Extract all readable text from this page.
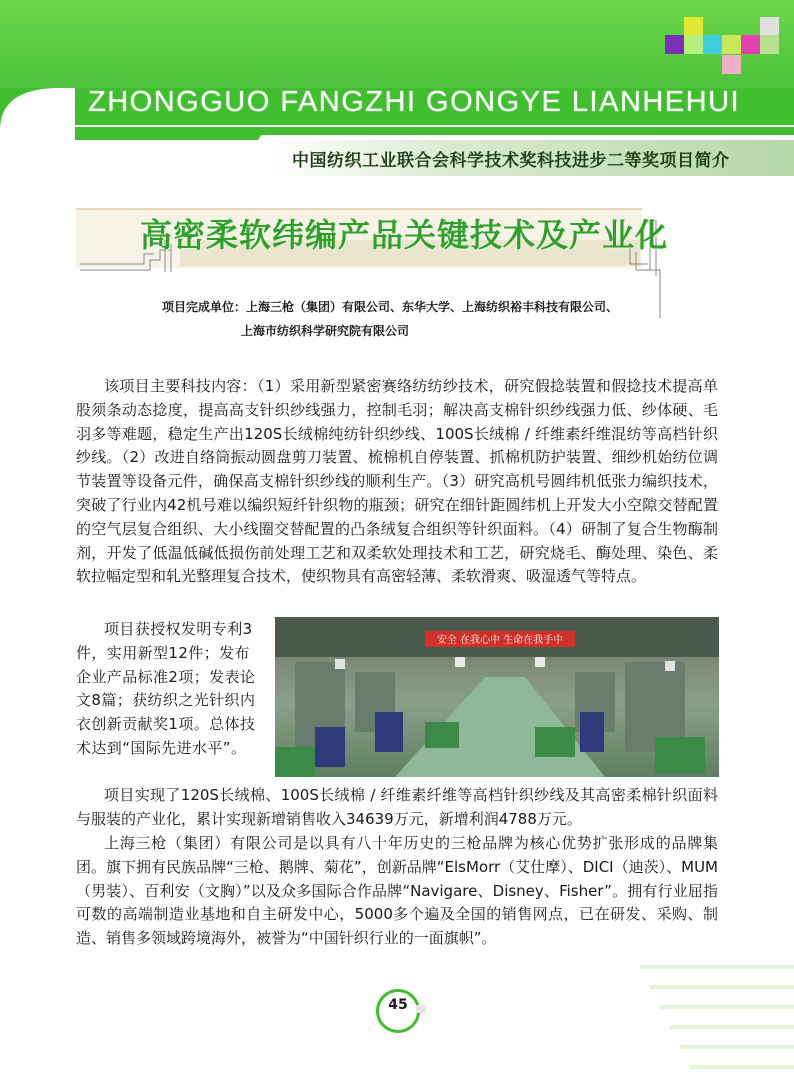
ZHONGGUO FANGZHI GONGYE LIANHEHUI
中国纺织工业联合会科学技术奖科技进步二等奖项目简介
高密柔软纬编产品关键技术及产业化
项目完成单位：上海三枪（集团）有限公司、东华大学、上海纺织裕丰科技有限公司、
上海市纺织科学研究院有限公司
该项目主要科技内容：（1）采用新型紧密赛络纺纺纱技术，研究假捻装置和假捻技术提高单股须条动态捻度，提高高支针织纱线强力，控制毛羽；解决高支棉针织纱线强力低、纱体硬、毛羽多等难题，稳定生产出120S长绒棉纯纺针织纱线、100S长绒棉 / 纤维素纤维混纺等高档针织纱线。（2）改进自络筒振动圆盘剪刀装置、梳棉机自停装置、抓棉机防护装置、细纱机始纺位调节装置等设备元件，确保高支棉针织纱线的顺利生产。（3）研究高机号圆纬机低张力编织技术，突破了行业内42机号难以编织短纤针织物的瓶颈；研究在细针距圆纬机上开发大小空隙交替配置的空气层复合组织、大小线圈交替配置的凸条绒复合组织等针织面料。（4）研制了复合生物酶制剂，开发了低温低碱低损伤前处理工艺和双柔软处理技术和工艺，研究烧毛、酶处理、染色、柔软拉幅定型和轧光整理复合技术，使织物具有高密轻薄、柔软滑爽、吸湿透气等特点。
项目获授权发明专利3件，实用新型12件；发布企业产品标准2项；发表论文8篇；获纺织之光针织内衣创新贡献奖1项。总体技术达到“国际先进水平”。
安全 在我心中 生命在我手中
项目实现了120S长绒棉、100S长绒棉 / 纤维素纤维等高档针织纱线及其高密柔棉针织面料与服装的产业化，累计实现新增销售收入34639万元，新增利润4788万元。
上海三枪（集团）有限公司是以具有八十年历史的三枪品牌为核心优势扩张形成的品牌集团。旗下拥有民族品牌“三枪、鹅牌、菊花”，创新品牌“ElsMorr（艾仕摩）、DICI（迪茨）、MUM（男装）、百利安（文胸）”以及众多国际合作品牌“Navigare、Disney、Fisher”。拥有行业屈指可数的高端制造业基地和自主研发中心，5000多个遍及全国的销售网点，已在研发、采购、制造、销售多领域跨境海外，被誉为“中国针织行业的一面旗帜”。
45
